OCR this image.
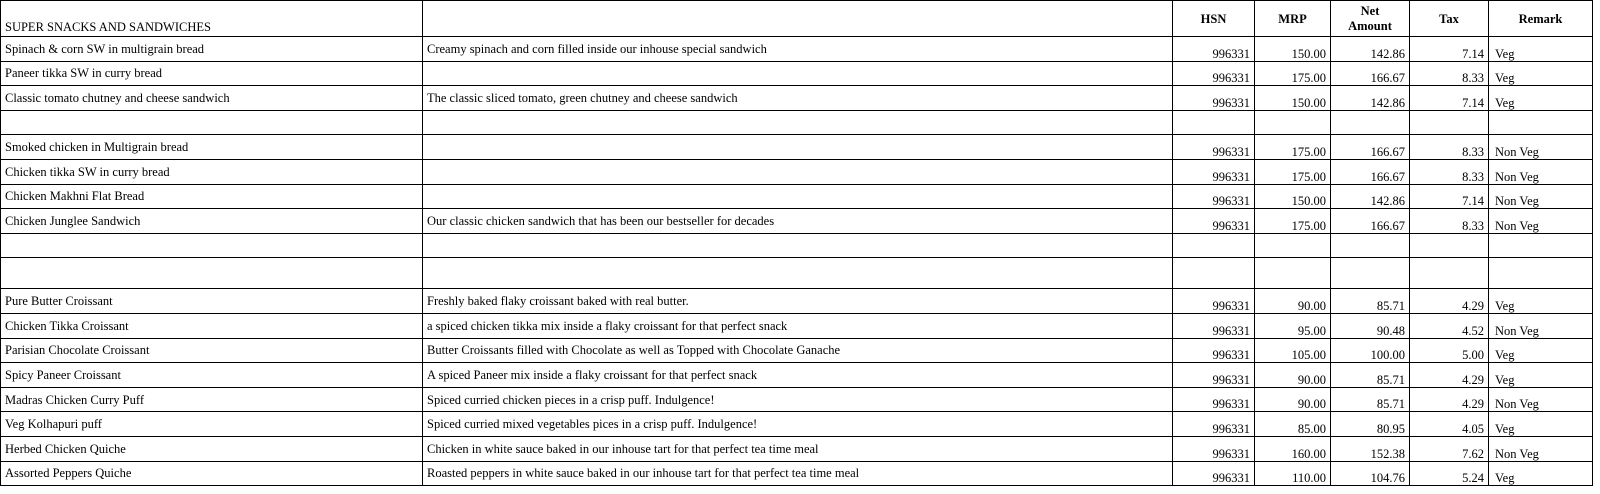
SUPER SNACKS AND SANDWICHES		HSN	MRP	Net Amount	Tax	Remark
Spinach & corn SW in multigrain bread	Creamy spinach and corn filled inside our inhouse special sandwich	996331	150.00	142.86	7.14	Veg
Paneer tikka SW in curry bread		996331	175.00	166.67	8.33	Veg
Classic tomato chutney and cheese sandwich	The classic sliced tomato, green chutney and cheese sandwich	996331	150.00	142.86	7.14	Veg

Smoked chicken in Multigrain bread		996331	175.00	166.67	8.33	Non Veg
Chicken tikka SW in curry bread		996331	175.00	166.67	8.33	Non Veg
Chicken Makhni Flat Bread		996331	150.00	142.86	7.14	Non Veg
Chicken Junglee Sandwich	Our classic chicken sandwich that has been our bestseller for decades	996331	175.00	166.67	8.33	Non Veg

Pure Butter Croissant	Freshly baked flaky croissant baked with real butter.	996331	90.00	85.71	4.29	Veg
Chicken Tikka Croissant	a spiced chicken tikka mix inside a flaky croissant for that perfect snack	996331	95.00	90.48	4.52	Non Veg
Parisian Chocolate Croissant	Butter Croissants filled with Chocolate as well as Topped with Chocolate Ganache	996331	105.00	100.00	5.00	Veg
Spicy Paneer Croissant	A spiced Paneer mix inside a flaky croissant for that perfect snack	996331	90.00	85.71	4.29	Veg
Madras Chicken Curry Puff	Spiced curried chicken pieces in a crisp puff. Indulgence!	996331	90.00	85.71	4.29	Non Veg
Veg Kolhapuri puff	Spiced curried mixed vegetables pices in a crisp puff. Indulgence!	996331	85.00	80.95	4.05	Veg
Herbed Chicken Quiche	Chicken in white sauce baked in our inhouse tart for that perfect tea time meal	996331	160.00	152.38	7.62	Non Veg
Assorted Peppers Quiche	Roasted peppers in white sauce baked in our inhouse tart for that perfect tea time meal	996331	110.00	104.76	5.24	Veg
